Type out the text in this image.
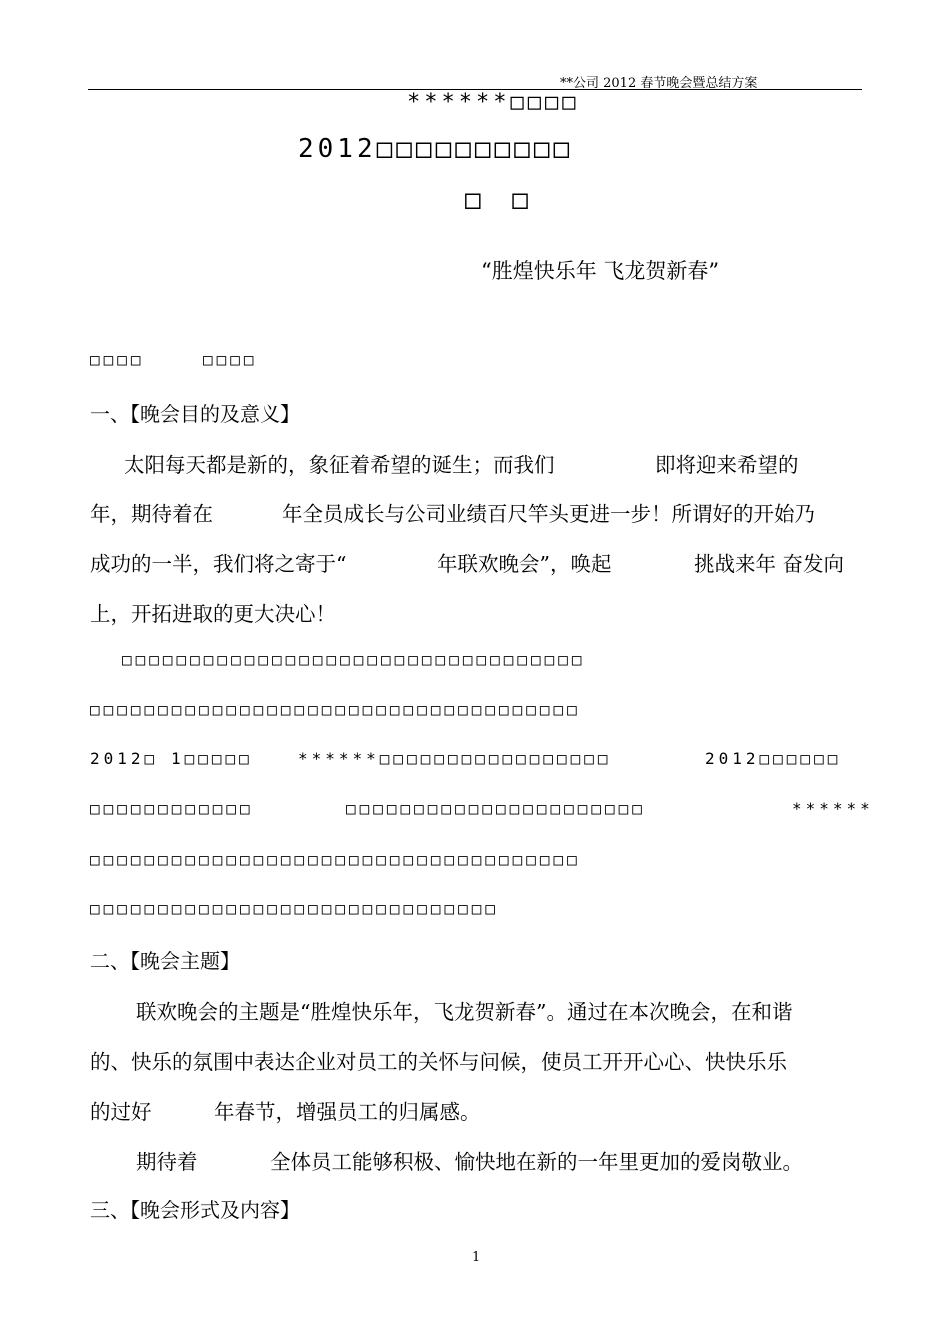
**公司 2012 春节晚会暨总结方案
******□□□□
2012□□□□□□□□□□
□ □
“胜煌快乐年 飞龙贺新春”
□□□□	□□□□
一、【晚会目的及意义】
太阳每天都是新的，象征着希望的诞生；而我们	即将迎来希望的
年，期待着在	年全员成长与公司业绩百尺竿头更进一步！所谓好的开始乃
成功的一半，我们将之寄于“	年联欢晚会”，唤起	挑战来年 奋发向
上，开拓进取的更大决心！
□□□□□□□□□□□□□□□□□□□□□□□□□□□□□□□□□□
□□□□□□□□□□□□□□□□□□□□□□□□□□□□□□□□□□□□
2012□ 1□□□□□	******□□□□□□□□□□□□□□□□□	2012□□□□□□
□□□□□□□□□□□□	□□□□□□□□□□□□□□□□□□□□□□	******
□□□□□□□□□□□□□□□□□□□□□□□□□□□□□□□□□□□□
□□□□□□□□□□□□□□□□□□□□□□□□□□□□□□
二、【晚会主题】
联欢晚会的主题是“胜煌快乐年，飞龙贺新春”。通过在本次晚会，在和谐
的、快乐的氛围中表达企业对员工的关怀与问候，使员工开开心心、快快乐乐
的过好	年春节，增强员工的归属感。
期待着	全体员工能够积极、愉快地在新的一年里更加的爱岗敬业。
三、【晚会形式及内容】
1
